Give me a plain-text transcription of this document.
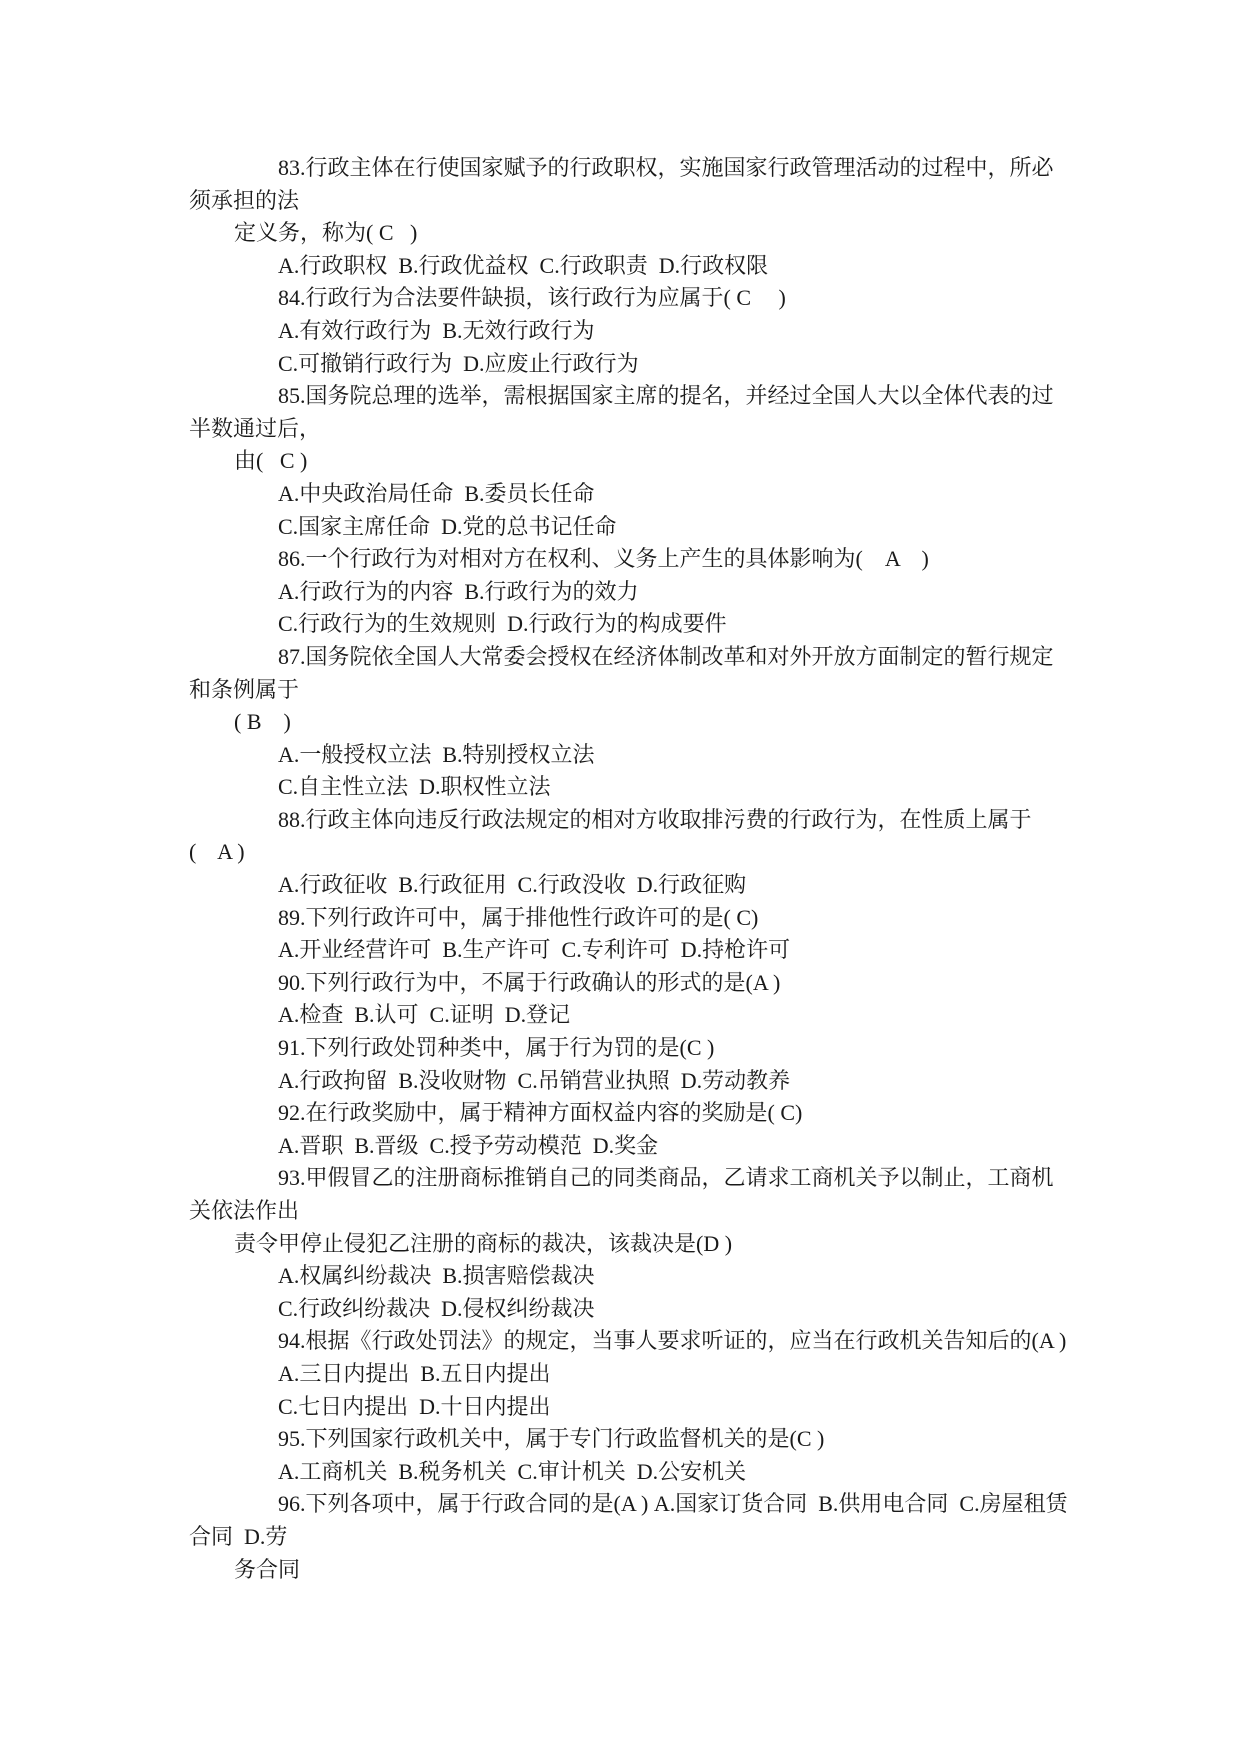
83.行政主体在行使国家赋予的行政职权，实施国家行政管理活动的过程中，所必
须承担的法
定义务，称为( C   )
A.行政职权  B.行政优益权  C.行政职责  D.行政权限
84.行政行为合法要件缺损，该行政行为应属于( C     )
A.有效行政行为  B.无效行政行为
C.可撤销行政行为  D.应废止行政行为
85.国务院总理的选举，需根据国家主席的提名，并经过全国人大以全体代表的过
半数通过后，
由(   C )
A.中央政治局任命  B.委员长任命
C.国家主席任命  D.党的总书记任命
86.一个行政行为对相对方在权利、义务上产生的具体影响为(    A    )
A.行政行为的内容  B.行政行为的效力
C.行政行为的生效规则  D.行政行为的构成要件
87.国务院依全国人大常委会授权在经济体制改革和对外开放方面制定的暂行规定
和条例属于
( B    )
A.一般授权立法  B.特别授权立法
C.自主性立法  D.职权性立法
88.行政主体向违反行政法规定的相对方收取排污费的行政行为，在性质上属于
(    A )
A.行政征收  B.行政征用  C.行政没收  D.行政征购
89.下列行政许可中，属于排他性行政许可的是( C)
A.开业经营许可  B.生产许可  C.专利许可  D.持枪许可
90.下列行政行为中，不属于行政确认的形式的是(A )
A.检查  B.认可  C.证明  D.登记
91.下列行政处罚种类中，属于行为罚的是(C )
A.行政拘留  B.没收财物  C.吊销营业执照  D.劳动教养
92.在行政奖励中，属于精神方面权益内容的奖励是( C)
A.晋职  B.晋级  C.授予劳动模范  D.奖金
93.甲假冒乙的注册商标推销自己的同类商品，乙请求工商机关予以制止，工商机
关依法作出
责令甲停止侵犯乙注册的商标的裁决，该裁决是(D )
A.权属纠纷裁决  B.损害赔偿裁决
C.行政纠纷裁决  D.侵权纠纷裁决
94.根据《行政处罚法》的规定，当事人要求听证的，应当在行政机关告知后的(A )
A.三日内提出  B.五日内提出
C.七日内提出  D.十日内提出
95.下列国家行政机关中，属于专门行政监督机关的是(C )
A.工商机关  B.税务机关  C.审计机关  D.公安机关
96.下列各项中，属于行政合同的是(A ) A.国家订货合同  B.供用电合同  C.房屋租赁
合同  D.劳
务合同
